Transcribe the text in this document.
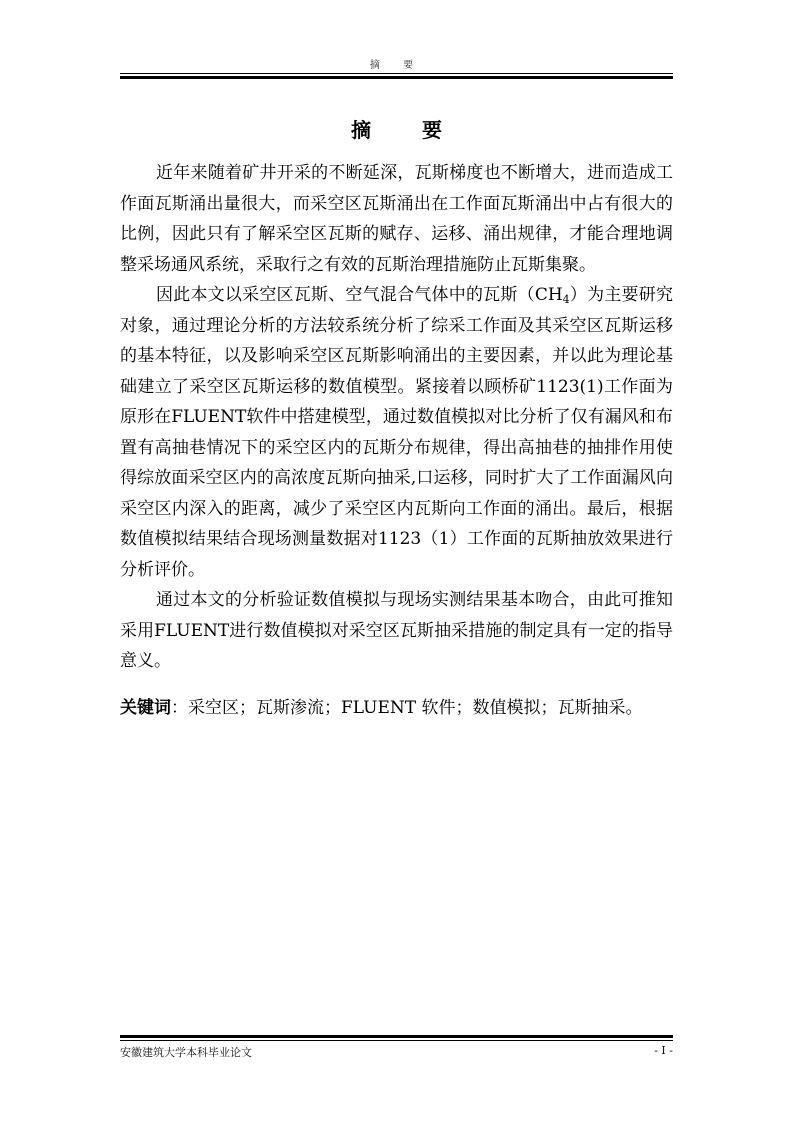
摘 要
摘 要

近年来随着矿井开采的不断延深，瓦斯梯度也不断增大，进而造成工作面瓦斯涌出量很大，而采空区瓦斯涌出在工作面瓦斯涌出中占有很大的比例，因此只有了解采空区瓦斯的赋存、运移、涌出规律，才能合理地调整采场通风系统，采取行之有效的瓦斯治理措施防止瓦斯集聚。

因此本文以采空区瓦斯、空气混合气体中的瓦斯$(CH_4)$为主要研究对象，通过理论分析的方法较系统分析了综采工作面及其采空区瓦斯运移的基本特征，以及影响采空区瓦斯影响涌出的主要因素，并以此为理论基础建立了采空区瓦斯运移的数值模型。紧接着以顾桥矿1123(1)工作面为原形在FLUENT软件中搭建模型，通过数值模拟对比分析了仅有漏风和布置有高抽巷情况下的采空区内的瓦斯分布规律，得出高抽巷的抽排作用使得综放面采空区内的高浓度瓦斯向抽采,口运移，同时扩大了工作面漏风向采空区内深入的距离，减少了采空区内瓦斯向工作面的涌出。最后，根据数值模拟结果结合现场测量数据对1123（1）工作面的瓦斯抽放效果进行分析评价。

通过本文的分析验证数值模拟与现场实测结果基本吻合，由此可推知采用FLUENT进行数值模拟对采空区瓦斯抽采措施的制定具有一定的指导意义。

关键词：采空区；瓦斯渗流；FLUENT 软件；数值模拟；瓦斯抽采。

安徽建筑大学本科毕业论文	- I -
